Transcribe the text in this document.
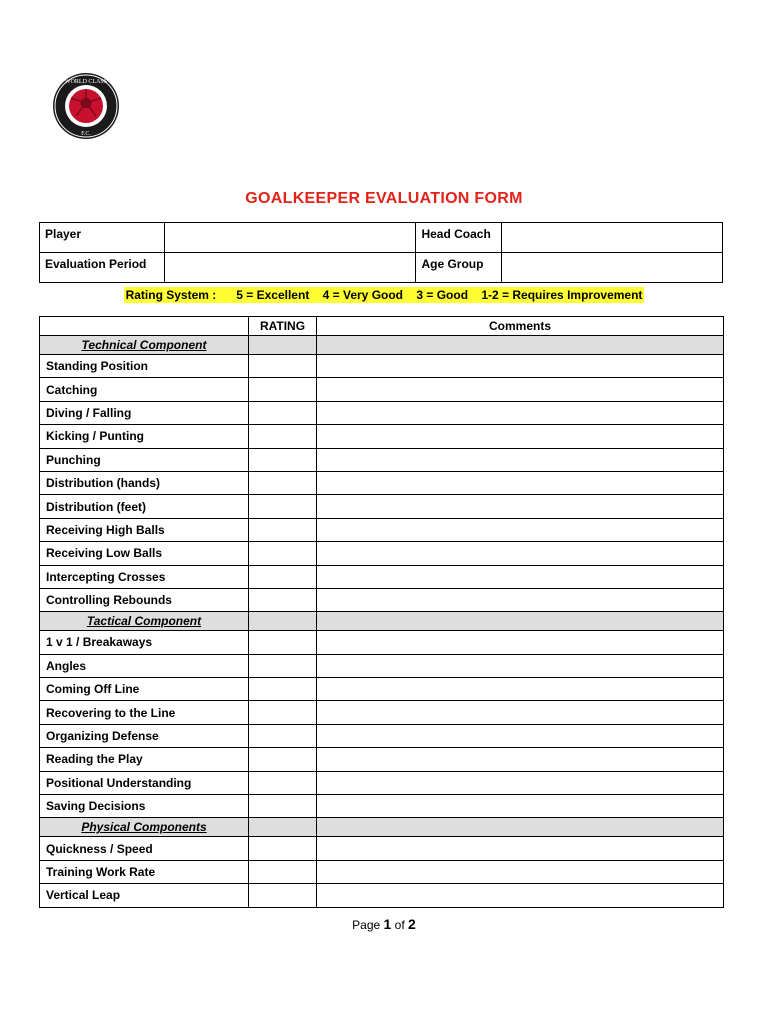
WORLD CLASS
F.C.
GOALKEEPER EVALUATION FORM
Player		Head Coach	
Evaluation Period		Age Group	
Rating System :      5 = Excellent    4 = Very Good    3 = Good    1-2 = Requires Improvement
	RATING	Comments
Technical Component		
Standing Position		
Catching		
Diving / Falling		
Kicking / Punting		
Punching		
Distribution (hands)		
Distribution (feet)		
Receiving High Balls		
Receiving Low Balls		
Intercepting Crosses		
Controlling Rebounds		
Tactical Component		
1 v 1 / Breakaways		
Angles		
Coming Off Line		
Recovering to the Line		
Organizing Defense		
Reading the Play		
Positional Understanding		
Saving Decisions		
Physical Components		
Quickness / Speed		
Training Work Rate		
Vertical Leap		
Page 1 of 2
